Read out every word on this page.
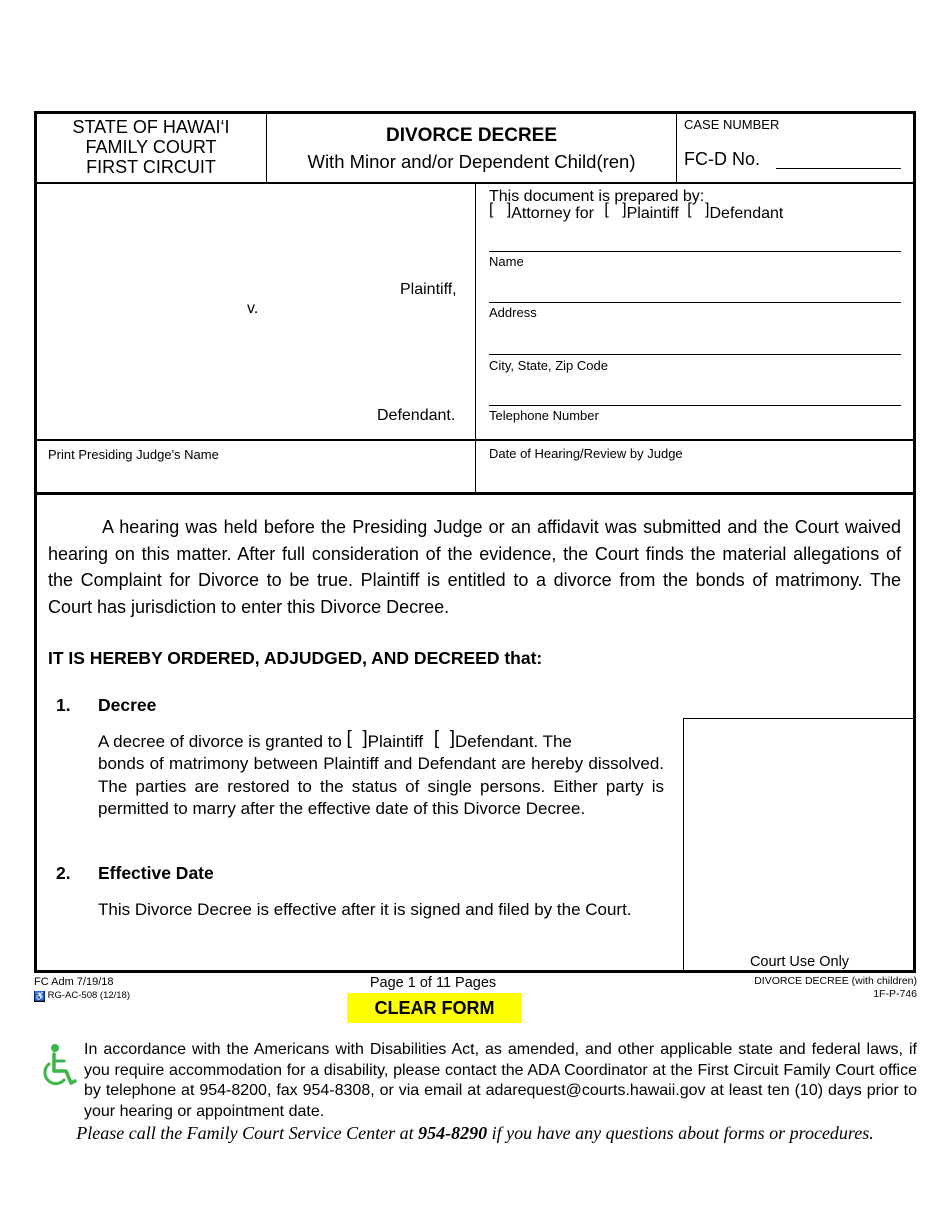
STATE OF HAWAI‘I
FAMILY COURT
FIRST CIRCUIT
DIVORCE DECREE
With Minor and/or Dependent Child(ren)
CASE NUMBER
FC-D No.
Plaintiff,
v.
Defendant.
This document is prepared by:
[   ]Attorney for [   ]Plaintiff [   ]Defendant
Name
Address
City, State, Zip Code
Telephone Number
Print Presiding Judge's Name	Date of Hearing/Review by Judge
A hearing was held before the Presiding Judge or an affidavit was submitted and the Court waived hearing on this matter. After full consideration of the evidence, the Court finds the material allegations of the Complaint for Divorce to be true. Plaintiff is entitled to a divorce from the bonds of matrimony. The Court has jurisdiction to enter this Divorce Decree.
IT IS HEREBY ORDERED, ADJUDGED, AND DECREED that:
1. Decree
A decree of divorce is granted to [  ]Plaintiff [  ]Defendant. The
bonds of matrimony between Plaintiff and Defendant are hereby dissolved. The parties are restored to the status of single persons. Either party is permitted to marry after the effective date of this Divorce Decree.
2. Effective Date
This Divorce Decree is effective after it is signed and filed by the Court.
Court Use Only
FC Adm 7/19/18
♿ RG-AC-508 (12/18)
Page 1 of 11 Pages	DIVORCE DECREE (with children)
1F-P-746
CLEAR FORM
In accordance with the Americans with Disabilities Act, as amended, and other applicable state and federal laws, if you require accommodation for a disability, please contact the ADA Coordinator at the First Circuit Family Court office by telephone at 954-8200, fax 954-8308, or via email at adarequest@courts.hawaii.gov at least ten (10) days prior to your hearing or appointment date.
Please call the Family Court Service Center at 954-8290 if you have any questions about forms or procedures.
